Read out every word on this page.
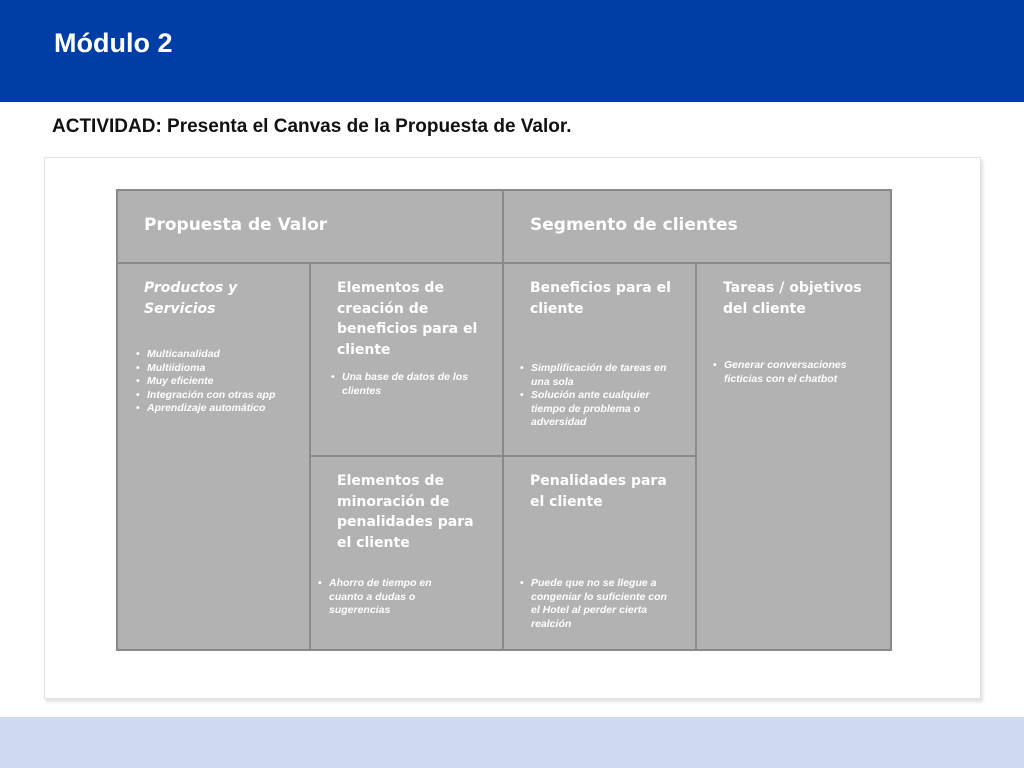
Módulo 2
ACTIVIDAD: Presenta el Canvas de la Propuesta de Valor.
Propuesta de Valor	Segmento de clientes
Productos y Servicios
• Multicanalidad
• Multiidioma
• Muy eficiente
• Integración con otras app
• Aprendizaje automático
Elementos de creación de beneficios para el cliente
• Una base de datos de los clientes
Beneficios para el cliente
• Simplificación de tareas en una sola
• Solución ante cualquier tiempo de problema o adversidad
Tareas / objetivos del cliente
• Generar conversaciones ficticias con el chatbot
Elementos de minoración de penalidades para el cliente
• Ahorro de tiempo en cuanto a dudas o sugerencias
Penalidades para el cliente
• Puede que no se llegue a congeniar lo suficiente con el Hotel al perder cierta realción
